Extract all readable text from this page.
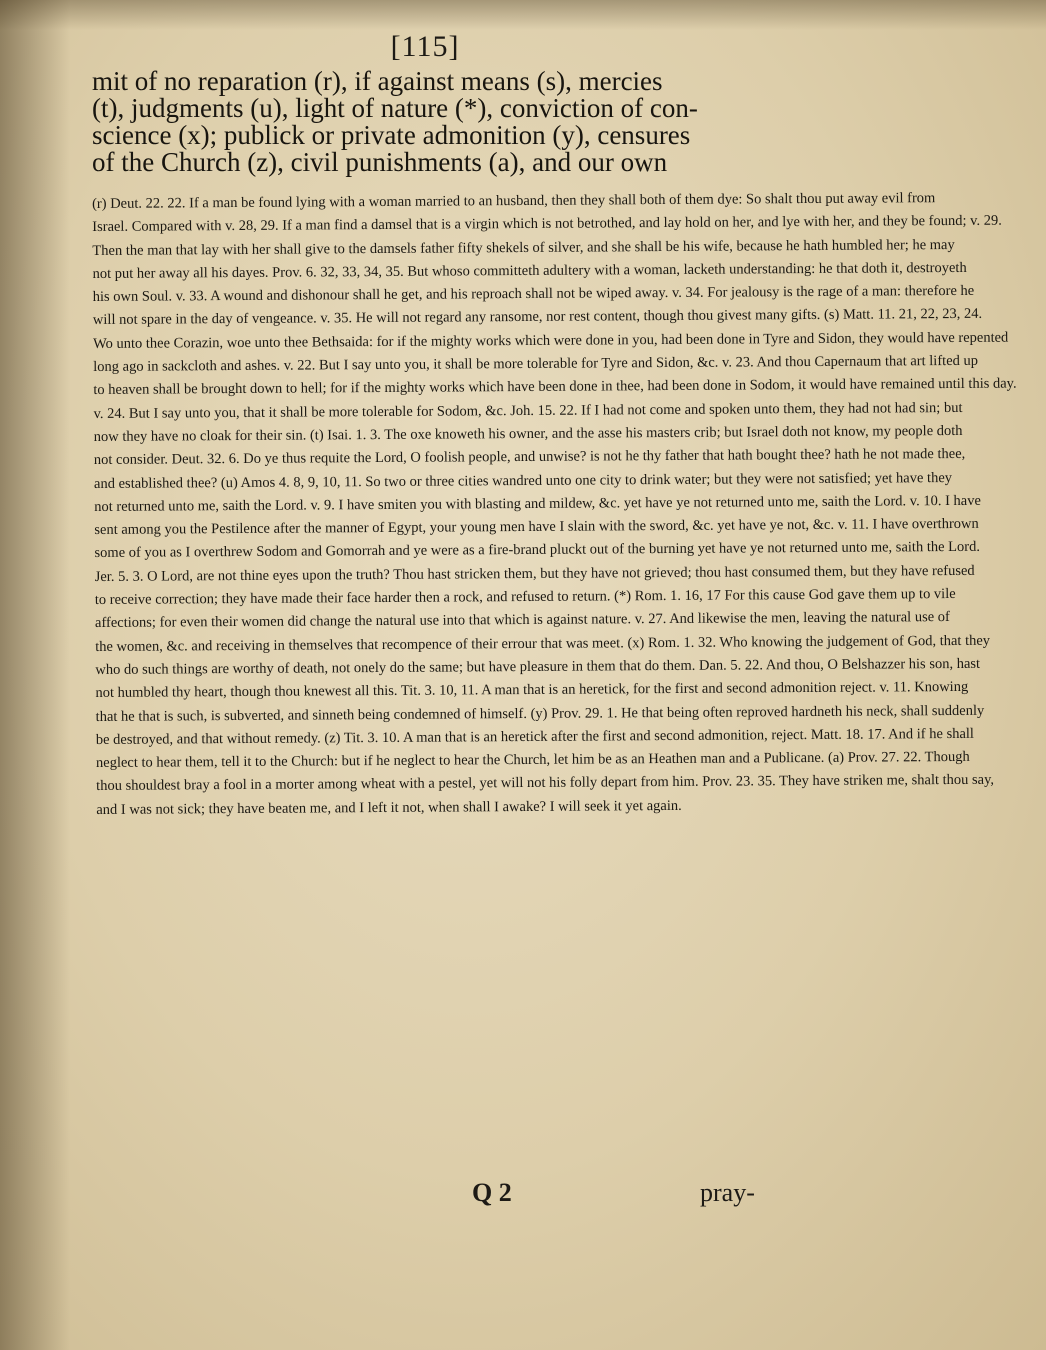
[115]
mit of no reparation (r), if against means (s), mercies
(t), judgments (u), light of nature (*), conviction of con-
science (x); publick or private admonition (y), censures
of the Church (z), civil punishments (a), and our own
(r) Deut. 22. 22. If a man be found lying with a woman married to an husband, then they shall both of them dye: So shalt thou put away evil from
Israel. Compared with v. 28, 29. If a man find a damsel that is a virgin which is not betrothed, and lay hold on her, and lye with her, and they be found; v. 29.
Then the man that lay with her shall give to the damsels father fifty shekels of silver, and she shall be his wife, because he hath humbled her; he may
not put her away all his dayes. Prov. 6. 32, 33, 34, 35. But whoso committeth adultery with a woman, lacketh understanding: he that doth it, destroyeth
his own Soul. v. 33. A wound and dishonour shall he get, and his reproach shall not be wiped away. v. 34. For jealousy is the rage of a man: therefore he
will not spare in the day of vengeance. v. 35. He will not regard any ransome, nor rest content, though thou givest many gifts. (s) Matt. 11. 21, 22, 23, 24.
Wo unto thee Corazin, woe unto thee Bethsaida: for if the mighty works which were done in you, had been done in Tyre and Sidon, they would have repented
long ago in sackcloth and ashes. v. 22. But I say unto you, it shall be more tolerable for Tyre and Sidon, &c. v. 23. And thou Capernaum that art lifted up
to heaven shall be brought down to hell; for if the mighty works which have been done in thee, had been done in Sodom, it would have remained until this day.
v. 24. But I say unto you, that it shall be more tolerable for Sodom, &c. Joh. 15. 22. If I had not come and spoken unto them, they had not had sin; but
now they have no cloak for their sin. (t) Isai. 1. 3. The oxe knoweth his owner, and the asse his masters crib; but Israel doth not know, my people doth
not consider. Deut. 32. 6. Do ye thus requite the Lord, O foolish people, and unwise? is not he thy father that hath bought thee? hath he not made thee,
and established thee? (u) Amos 4. 8, 9, 10, 11. So two or three cities wandred unto one city to drink water; but they were not satisfied; yet have they
not returned unto me, saith the Lord. v. 9. I have smiten you with blasting and mildew, &c. yet have ye not returned unto me, saith the Lord. v. 10. I have
sent among you the Pestilence after the manner of Egypt, your young men have I slain with the sword, &c. yet have ye not, &c. v. 11. I have overthrown
some of you as I overthrew Sodom and Gomorrah and ye were as a fire-brand pluckt out of the burning yet have ye not returned unto me, saith the Lord.
Jer. 5. 3. O Lord, are not thine eyes upon the truth? Thou hast stricken them, but they have not grieved; thou hast consumed them, but they have refused
to receive correction; they have made their face harder then a rock, and refused to return. (*) Rom. 1. 16, 17 For this cause God gave them up to vile
affections; for even their women did change the natural use into that which is against nature. v. 27. And likewise the men, leaving the natural use of
the women, &c. and receiving in themselves that recompence of their errour that was meet. (x) Rom. 1. 32. Who knowing the judgement of God, that they
who do such things are worthy of death, not onely do the same; but have pleasure in them that do them. Dan. 5. 22. And thou, O Belshazzer his son, hast
not humbled thy heart, though thou knewest all this. Tit. 3. 10, 11. A man that is an heretick, for the first and second admonition reject. v. 11. Knowing
that he that is such, is subverted, and sinneth being condemned of himself. (y) Prov. 29. 1. He that being often reproved hardneth his neck, shall suddenly
be destroyed, and that without remedy. (z) Tit. 3. 10. A man that is an heretick after the first and second admonition, reject. Matt. 18. 17. And if he shall
neglect to hear them, tell it to the Church: but if he neglect to hear the Church, let him be as an Heathen man and a Publicane. (a) Prov. 27. 22. Though
thou shouldest bray a fool in a morter among wheat with a pestel, yet will not his folly depart from him. Prov. 23. 35. They have striken me, shalt thou say,
and I was not sick; they have beaten me, and I left it not, when shall I awake? I will seek it yet again.
Q 2	pray-
